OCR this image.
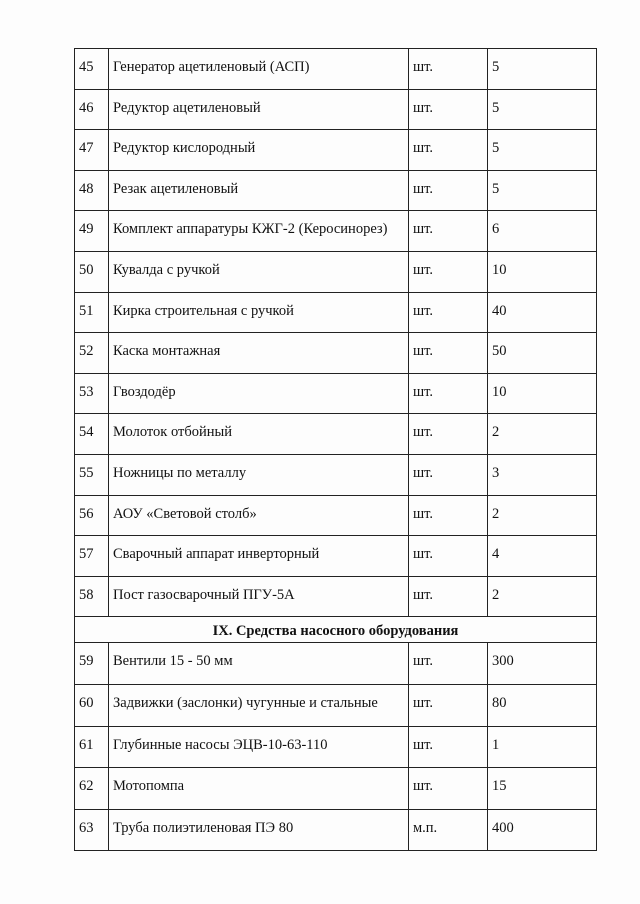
45	Генератор ацетиленовый (АСП)	шт.	5
46	Редуктор ацетиленовый	шт.	5
47	Редуктор кислородный	шт.	5
48	Резак ацетиленовый	шт.	5
49	Комплект аппаратуры КЖГ-2 (Керосинорез)	шт.	6
50	Кувалда с ручкой	шт.	10
51	Кирка строительная с ручкой	шт.	40
52	Каска монтажная	шт.	50
53	Гвоздодёр	шт.	10
54	Молоток отбойный	шт.	2
55	Ножницы по металлу	шт.	3
56	АОУ «Световой столб»	шт.	2
57	Сварочный аппарат инверторный	шт.	4
58	Пост газосварочный ПГУ-5А	шт.	2
IX. Средства насосного оборудования			
59	Вентили 15 - 50 мм	шт.	300
60	Задвижки (заслонки) чугунные и стальные	шт.	80
61	Глубинные насосы ЭЦВ-10-63-110	шт.	1
62	Мотопомпа	шт.	15
63	Труба полиэтиленовая ПЭ 80	м.п.	400
